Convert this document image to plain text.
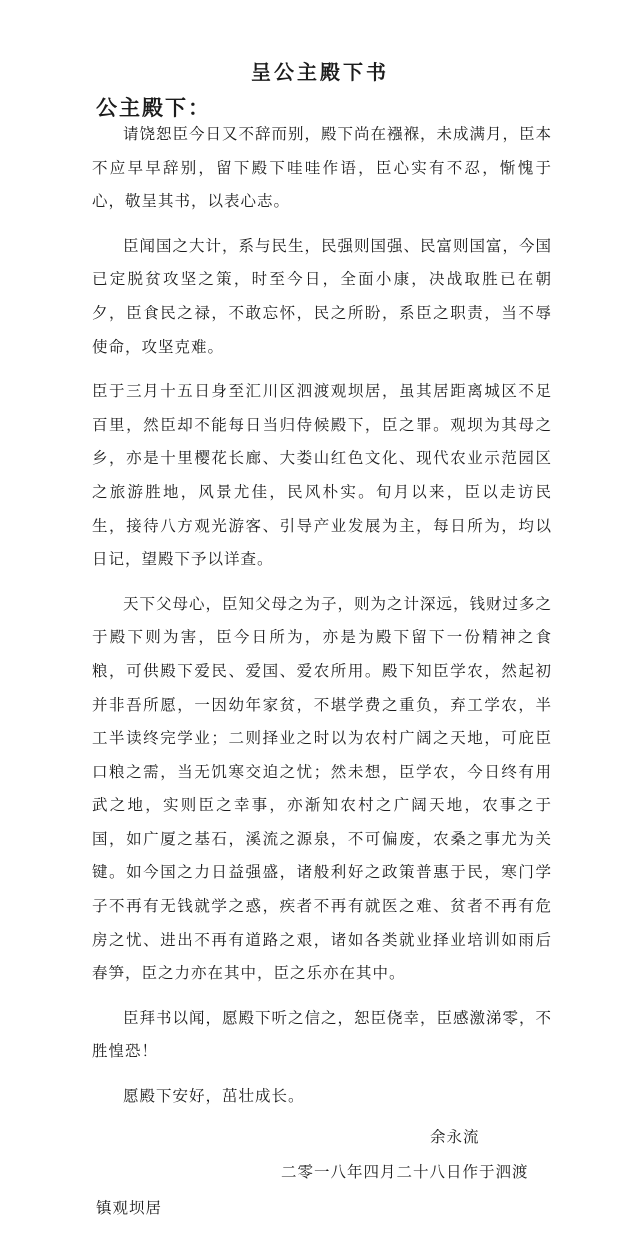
呈公主殿下书

公主殿下：

请饶恕臣今日又不辞而别，殿下尚在襁褓，未成满月，臣本不应早早辞别，留下殿下哇哇作语，臣心实有不忍，惭愧于心，敬呈其书，以表心志。

臣闻国之大计，系与民生，民强则国强、民富则国富，今国已定脱贫攻坚之策，时至今日，全面小康，决战取胜已在朝夕，臣食民之禄，不敢忘怀，民之所盼，系臣之职责，当不辱使命，攻坚克难。

臣于三月十五日身至汇川区泗渡观坝居，虽其居距离城区不足百里，然臣却不能每日当归侍候殿下，臣之罪。观坝为其母之乡，亦是十里樱花长廊、大娄山红色文化、现代农业示范园区之旅游胜地，风景尤佳，民风朴实。旬月以来，臣以走访民生，接待八方观光游客、引导产业发展为主，每日所为，均以日记，望殿下予以详查。

天下父母心，臣知父母之为子，则为之计深远，钱财过多之于殿下则为害，臣今日所为，亦是为殿下留下一份精神之食粮，可供殿下爱民、爱国、爱农所用。殿下知臣学农，然起初并非吾所愿，一因幼年家贫，不堪学费之重负，弃工学农，半工半读终完学业；二则择业之时以为农村广阔之天地，可庇臣口粮之需，当无饥寒交迫之忧；然未想，臣学农，今日终有用武之地，实则臣之幸事，亦渐知农村之广阔天地，农事之于国，如广厦之基石，溪流之源泉，不可偏废，农桑之事尤为关键。如今国之力日益强盛，诸般利好之政策普惠于民，寒门学子不再有无钱就学之惑，疾者不再有就医之难、贫者不再有危房之忧、进出不再有道路之艰，诸如各类就业择业培训如雨后春笋，臣之力亦在其中，臣之乐亦在其中。

臣拜书以闻，愿殿下听之信之，恕臣侥幸，臣感激涕零，不胜惶恐！

愿殿下安好，茁壮成长。

余永流

二零一八年四月二十八日作于泗渡

镇观坝居
